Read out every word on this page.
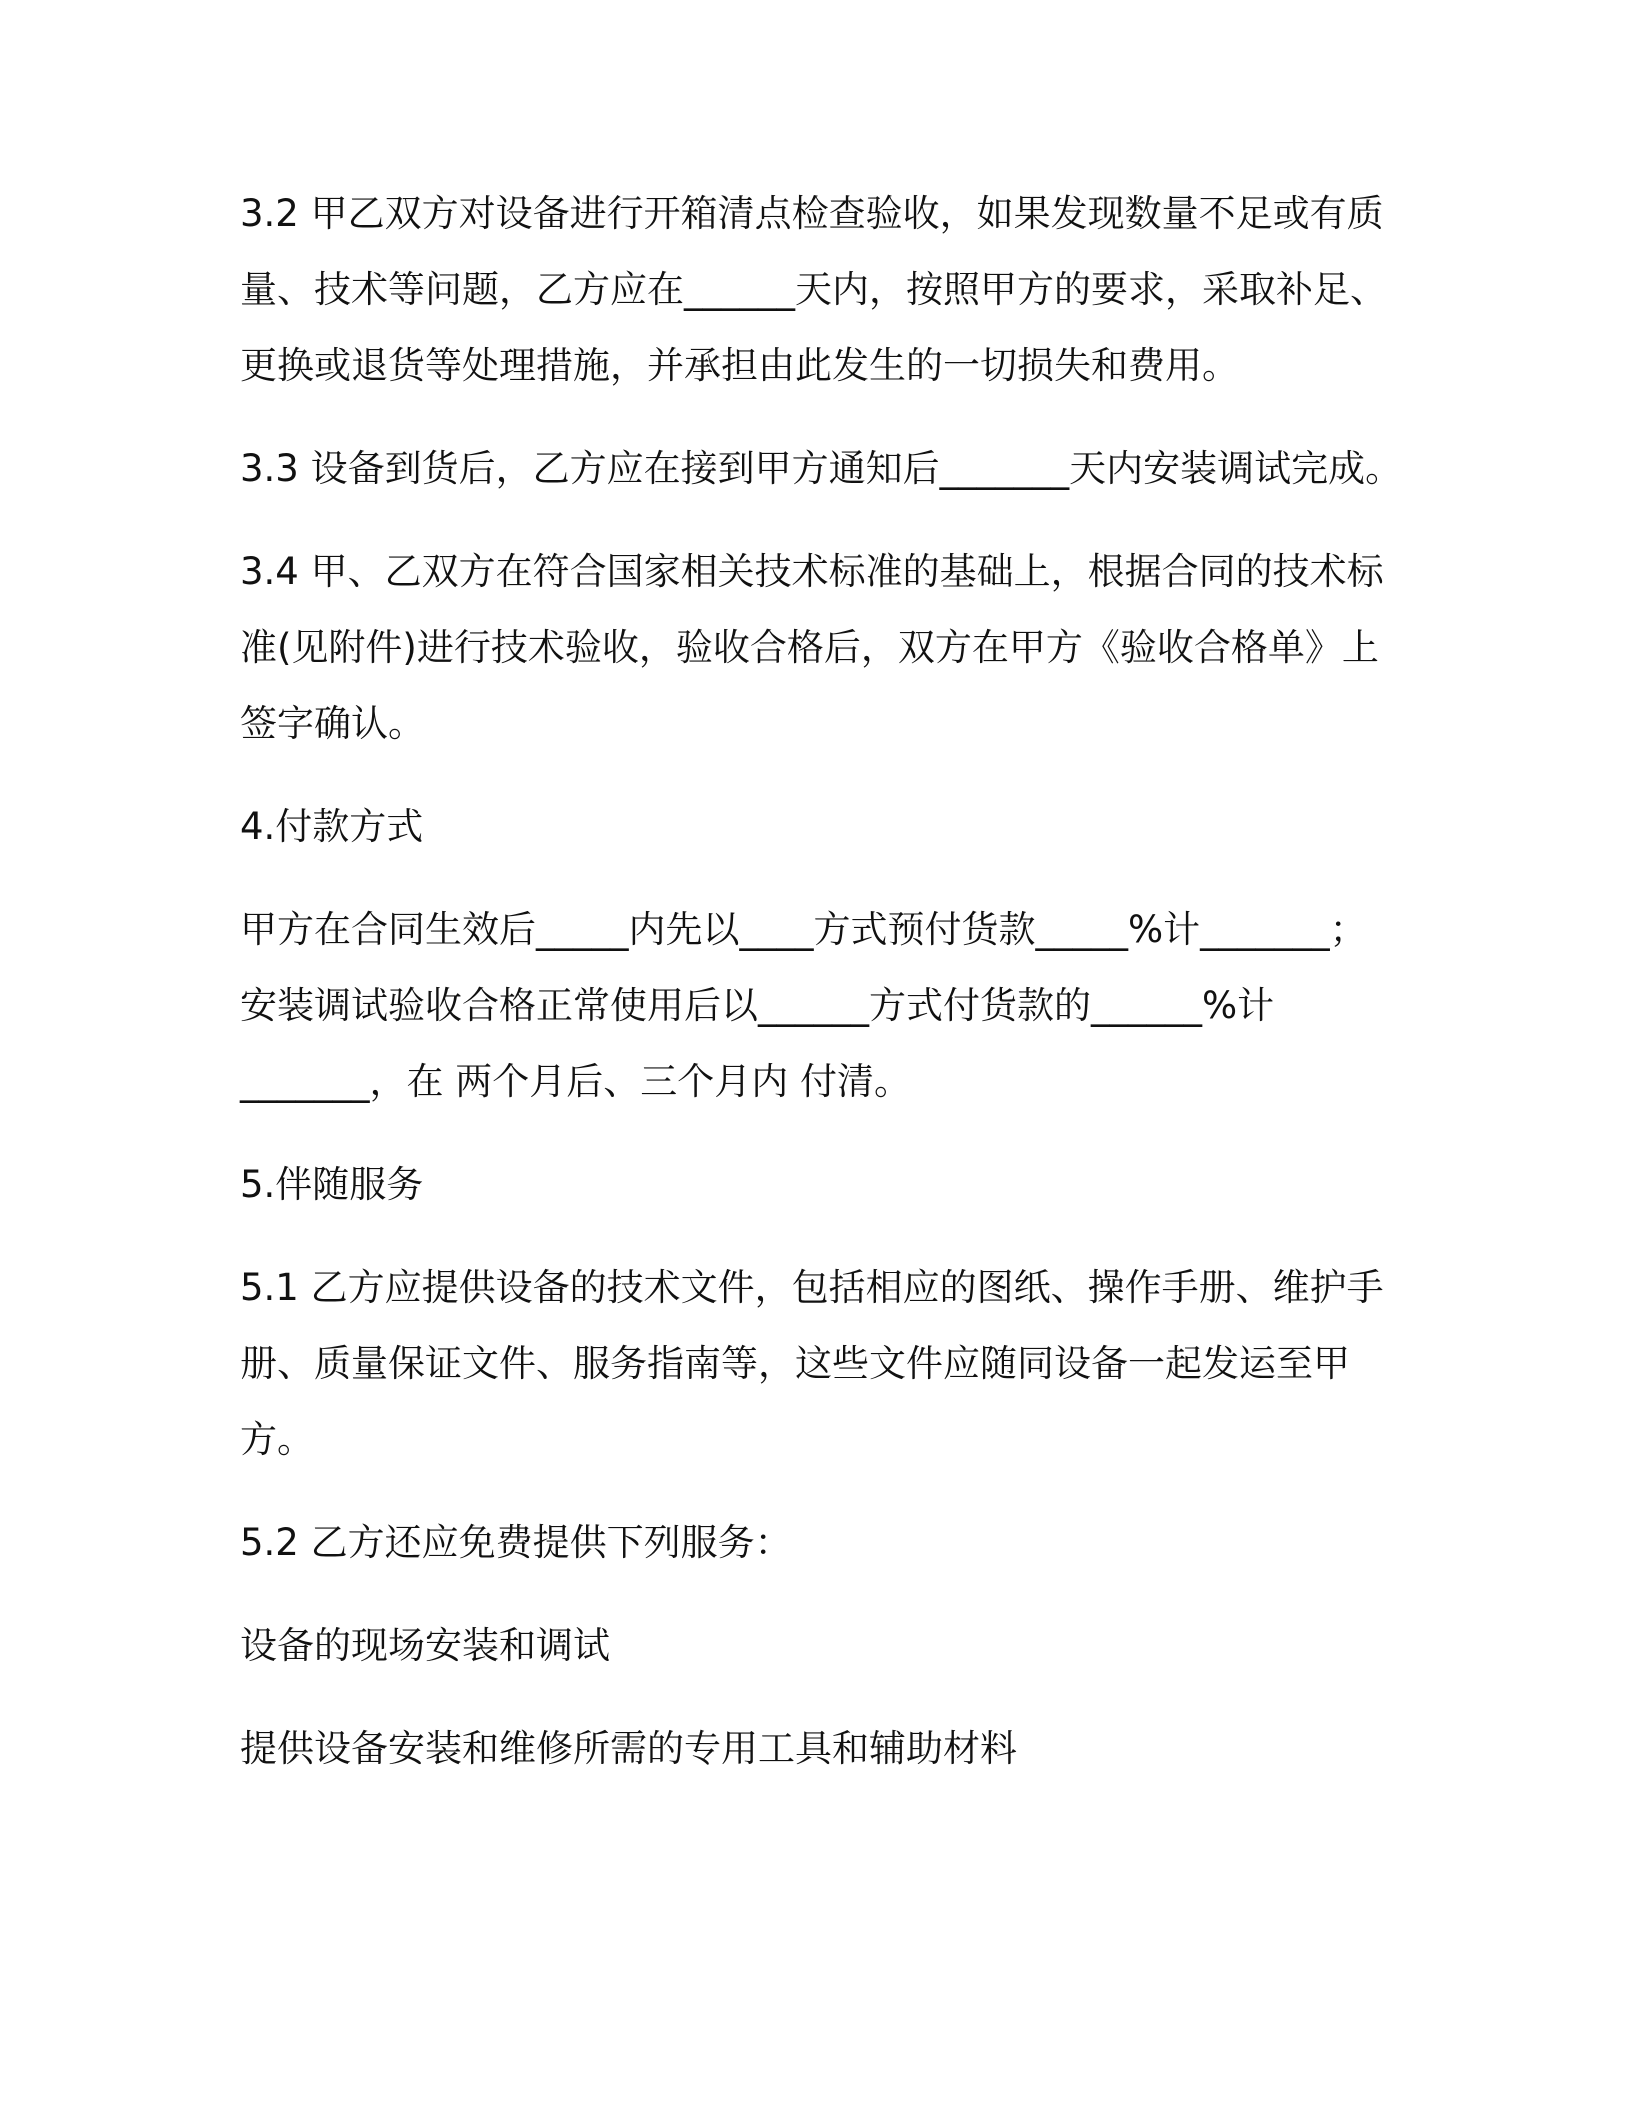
3.2 甲乙双方对设备进行开箱清点检查验收，如果发现数量不足或有质
量、技术等问题，乙方应在______天内，按照甲方的要求，采取补足、
更换或退货等处理措施，并承担由此发生的一切损失和费用。
3.3 设备到货后，乙方应在接到甲方通知后_______天内安装调试完成。
3.4 甲、乙双方在符合国家相关技术标准的基础上，根据合同的技术标
准(见附件)进行技术验收，验收合格后，双方在甲方《验收合格单》上
签字确认。
4.付款方式
甲方在合同生效后_____内先以____方式预付货款_____%计_______；
安装调试验收合格正常使用后以______方式付货款的______%计
_______，在 两个月后、三个月内 付清。
5.伴随服务
5.1 乙方应提供设备的技术文件，包括相应的图纸、操作手册、维护手
册、质量保证文件、服务指南等，这些文件应随同设备一起发运至甲
方。
5.2 乙方还应免费提供下列服务：
设备的现场安装和调试
提供设备安装和维修所需的专用工具和辅助材料
